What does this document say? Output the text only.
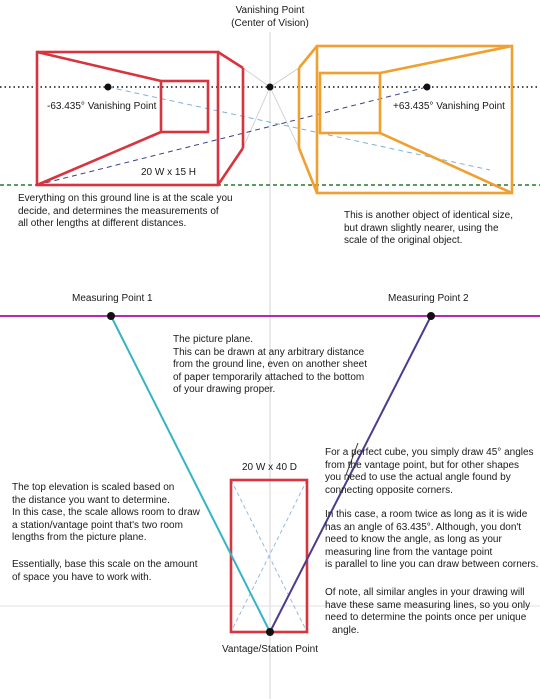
Vanishing Point
(Center of Vision)
-63.435° Vanishing Point	+63.435° Vanishing Point
20 W x 15 H
Everything on this ground line is at the scale you
decide, and determines the measurements of
all other lengths at different distances.
This is another object of identical size,
but drawn slightly nearer, using the
scale of the original object.
Measuring Point 1	Measuring Point 2
The picture plane.
This can be drawn at any arbitrary distance
from the ground line, even on another sheet
of paper temporarily attached to the bottom
of your drawing proper.
For a perfect cube, you simply draw 45° angles
from the vantage point, but for other shapes
you need to use the actual angle found by
connecting opposite corners.
20 W x 40 D
In this case, a room twice as long as it is wide
has an angle of 63.435°. Although, you don't
need to know the angle, as long as your
measuring line from the vantage point
is parallel to line you can draw between corners.
Of note, all similar angles in your drawing will
have these same measuring lines, so you only
need to determine the points once per unique
angle.
The top elevation is scaled based on
the distance you want to determine.
In this case, the scale allows room to draw
a station/vantage point that's two room
lengths from the picture plane.
Essentially, base this scale on the amount
of space you have to work with.
Vantage/Station Point
